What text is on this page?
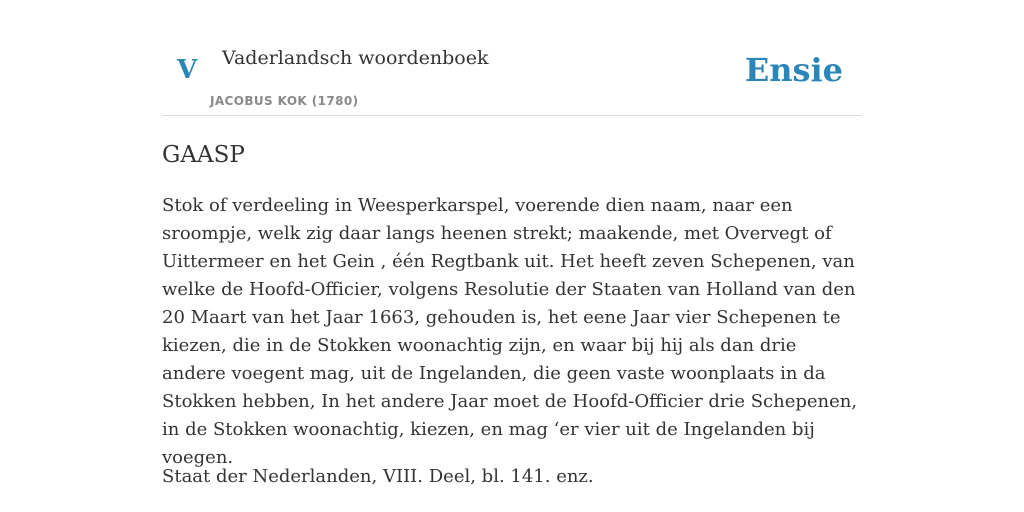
V Vaderlandsch woordenboek
JACOBUS KOK (1780)
Ensie
GAASP

Stok of verdeeling in Weesperkarspel, voerende dien naam, naar een sroompje, welk zig daar langs heenen strekt; maakende, met Overvegt of Uittermeer en het Gein , één Regtbank uit. Het heeft zeven Schepenen, van welke de Hoofd-Officier, volgens Resolutie der Staaten van Holland van den 20 Maart van het Jaar 1663, gehouden is, het eene Jaar vier Schepenen te kiezen, die in de Stokken woonachtig zijn, en waar bij hij als dan drie andere voegent mag, uit de Ingelanden, die geen vaste woonplaats in da Stokken hebben, In het andere Jaar moet de Hoofd-Officier drie Schepenen, in de Stokken woonachtig, kiezen, en mag ‘er vier uit de Ingelanden bij voegen.

Staat der Nederlanden, VIII. Deel, bl. 141. enz.
